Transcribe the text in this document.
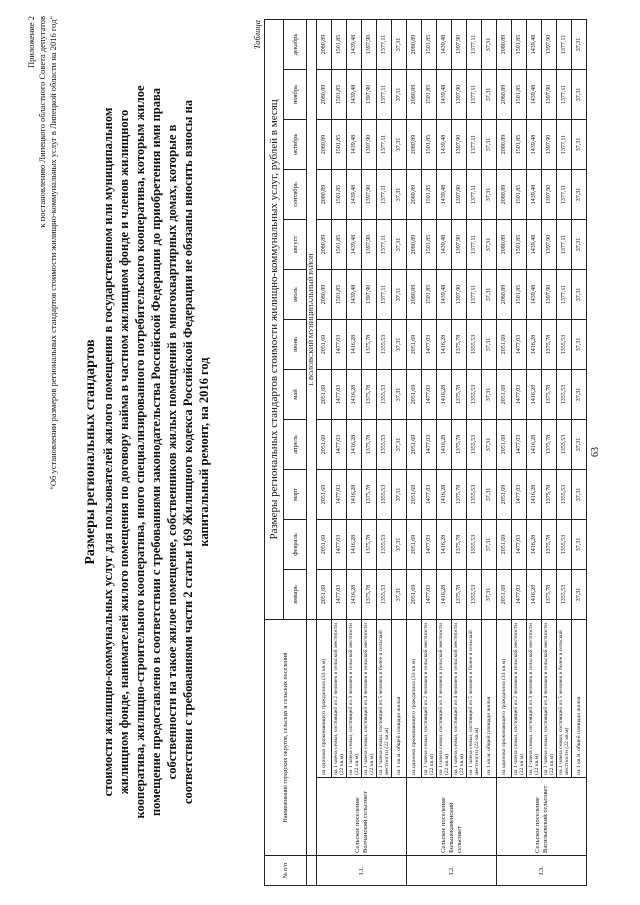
Приложение 2 к постановлению Липецкого областного Совета депутатов "Об установлении размеров региональных стандартов стоимости жилищно-коммунальных услуг в Липецкой области на 2016 год" Размеры региональных стандартов стоимости жилищно-коммунальных услуг для пользователей жилого помещения в государственном или муниципальном жилищном фонде, нанимателей жилого помещения по договору найма в частном жилищном фонде и членов жилищного кооператива, жилищно-строительного кооператива, иного специализированного потребительского кооператива, которым жилое помещение предоставлено в соответствии с требованиями законодательства Российской Федерации до приобретения ими права собственности на такое жилое помещение, собственников жилых помещений в многоквартирных домах, которые в соответствии с требованиями части 2 статьи 169 Жилищного кодекса Российской Федерации не обязаны вносить взносы на капитальный ремонт, на 2016 год
Таблица
№ п/п	Наименование городских округов, сельских и сельских поселений		Размеры региональных стандартов стоимости жилищно-коммунальных услуг, рублей в месяц											
			январь	февраль	март	апрель	май	июнь	июль	август	сентябрь	октябрь	ноябрь	декабрь
			I. ВОЛОВСКИЙ МУНИЦИПАЛЬНЫЙ РАЙОН											
I.1.	Сельское поселение Волчанский сельсовет	на одиноко проживающего гражданина (33 кв.м)	2051,69	2051,69	2051,69	2051,69	2051,69	2051,69	2080,89	2080,89	2080,89	2080,89	2080,89	2080,89
		на 1 члена семьи, состоящей из 2 человек в сельской местности (22 кв.м)	1477,03	1477,03	1477,03	1477,03	1477,03	1477,03	1501,85	1501,85	1501,85	1501,85	1501,85	1501,85
		на 1 члена семьи, состоящей из 3 человек в сельской местности (22 кв.м)	1416,28	1416,28	1416,28	1416,28	1416,28	1416,28	1439,48	1439,48	1439,48	1439,48	1439,48	1439,48
		на 1 члена семьи, состоящей из 4 человек в сельской местности (22 кв.м)	1375,78	1375,78	1375,78	1375,78	1375,78	1375,78	1397,90	1397,90	1397,90	1397,90	1397,90	1397,90
		на 1 члена семьи, состоящей из 5 человек и более в сельской местности (22 кв.м)	1355,53	1355,53	1355,53	1355,53	1355,53	1355,53	1377,11	1377,11	1377,11	1377,11	1377,11	1377,11
		на 1 кв.м. общей площади жилья	37,31	37,31	37,31	37,31	37,31	37,31	37,31	37,31	37,31	37,31	37,31	37,31
I.2.	Сельское поселение Большекаменский сельсовет	на одиноко проживающего гражданина (33 кв.м)	2051,69	2051,69	2051,69	2051,69	2051,69	2051,69	2080,89	2080,89	2080,89	2080,89	2080,89	2080,89
		на 1 члена семьи, состоящей из 2 человек в сельской местности (22 кв.м)	1477,03	1477,03	1477,03	1477,03	1477,03	1477,03	1501,85	1501,85	1501,85	1501,85	1501,85	1501,85
		на 1 члена семьи, состоящей из 3 человек в сельской местности (22 кв.м)	1416,28	1416,28	1416,28	1416,28	1416,28	1416,28	1439,48	1439,48	1439,48	1439,48	1439,48	1439,48
		на 1 члена семьи, состоящей из 4 человек в сельской местности (22 кв.м)	1375,78	1375,78	1375,78	1375,78	1375,78	1375,78	1397,90	1397,90	1397,90	1397,90	1397,90	1397,90
		на 1 члена семьи, состоящей из 5 человек и более в сельской местности (22 кв.м)	1355,53	1355,53	1355,53	1355,53	1355,53	1355,53	1377,11	1377,11	1377,11	1377,11	1377,11	1377,11
		на 1 кв.м. общей площади жилья	37,31	37,31	37,31	37,31	37,31	37,31	37,31	37,31	37,31	37,31	37,31	37,31
I.3.	Сельское поселение Васильевский сельсовет	на одиноко проживающего гражданина (33 кв.м)	2051,69	2051,69	2051,69	2051,69	2051,69	2051,69	2080,89	2080,89	2080,89	2080,89	2080,89	2080,89
		на 1 члена семьи, состоящей из 2 человек в сельской местности (22 кв.м)	1477,03	1477,03	1477,03	1477,03	1477,03	1477,03	1501,85	1501,85	1501,85	1501,85	1501,85	1501,85
		на 1 члена семьи, состоящей из 3 человек в сельской местности (22 кв.м)	1416,28	1416,28	1416,28	1416,28	1416,28	1416,28	1439,48	1439,48	1439,48	1439,48	1439,48	1439,48
		на 1 члена семьи, состоящей из 4 человек в сельской местности (22 кв.м)	1375,78	1375,78	1375,78	1375,78	1375,78	1375,78	1397,90	1397,90	1397,90	1397,90	1397,90	1397,90
		на 1 члена семьи, состоящей из 5 человек и более в сельской местности (22 кв.м)	1355,53	1355,53	1355,53	1355,53	1355,53	1355,53	1377,11	1377,11	1377,11	1377,11	1377,11	1377,11
		на 1 кв.м. общей площади жилья	37,31	37,31	37,31	37,31	37,31	37,31	37,31	37,31	37,31	37,31	37,31	37,31
63
